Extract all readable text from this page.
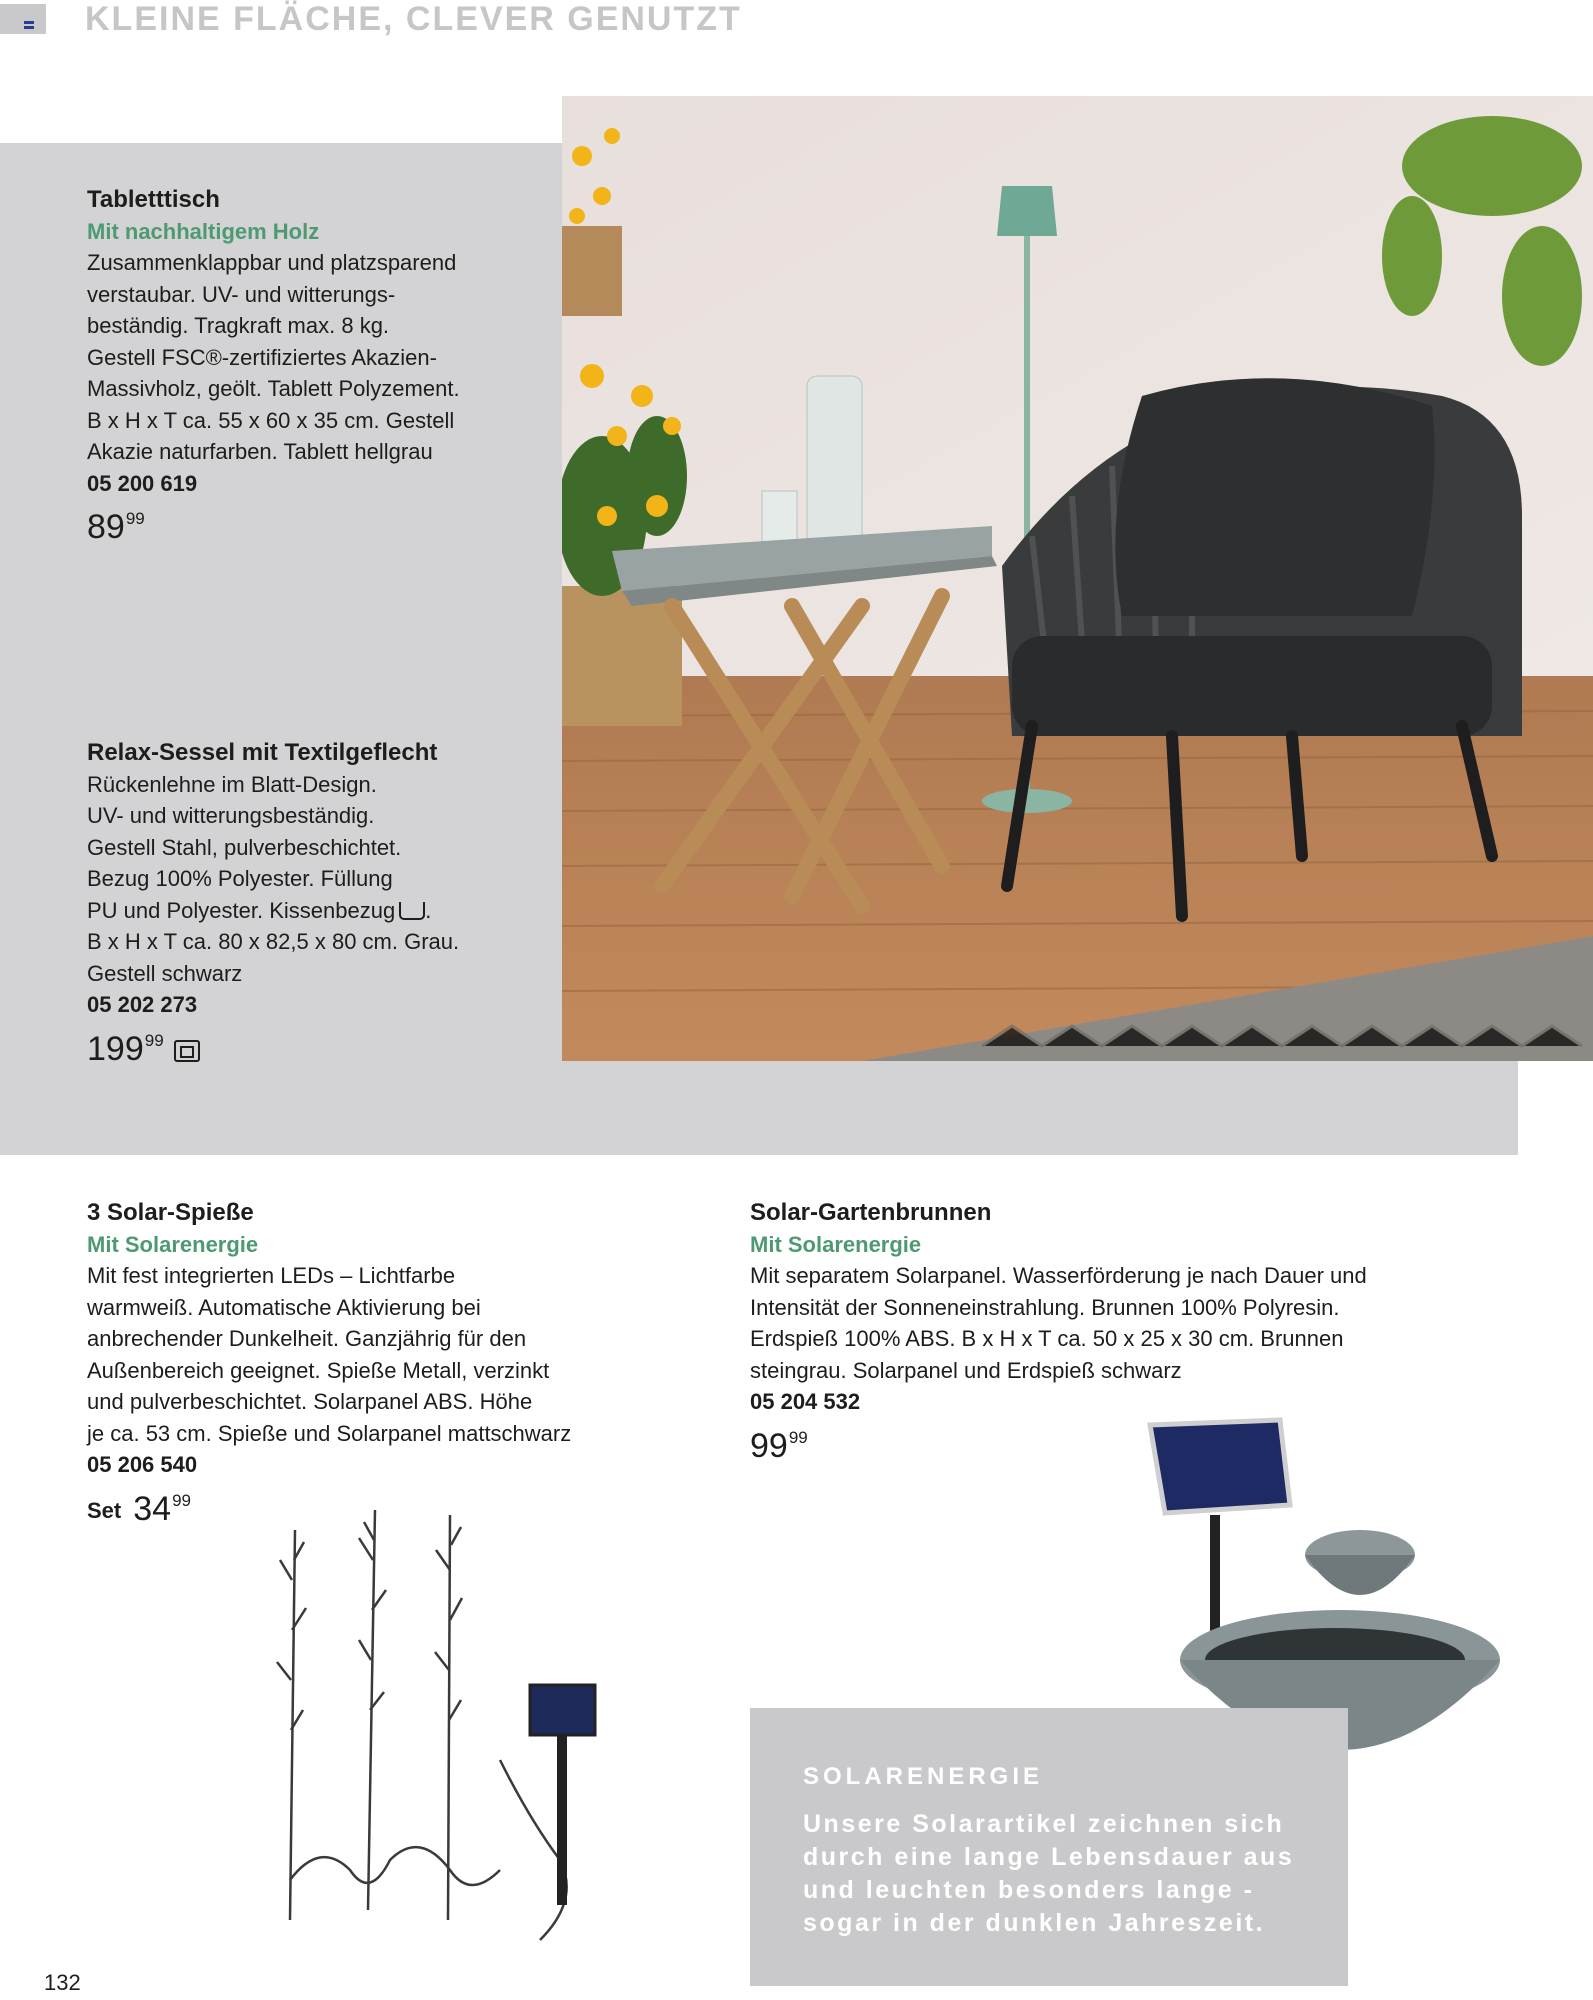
KLEINE FLÄCHE, CLEVER GENUTZT
Tabletttisch
Mit nachhaltigem Holz
Zusammenklappbar und platzsparend
verstaubar. UV- und witterungs-
beständig. Tragkraft max. 8 kg.
Gestell FSC®-zertifiziertes Akazien-
Massivholz, geölt. Tablett Polyzement.
B x H x T ca. 55 x 60 x 35 cm. Gestell
Akazie naturfarben. Tablett hellgrau
05 200 619
$89^{99}$
Relax-Sessel mit Textilgeflecht
Rückenlehne im Blatt-Design.
UV- und witterungsbeständig.
Gestell Stahl, pulverbeschichtet.
Bezug 100% Polyester. Füllung
PU und Polyester. Kissenbezug .
B x H x T ca. 80 x 82,5 x 80 cm. Grau.
Gestell schwarz
05 202 273
$199^{99}$
3 Solar-Spieße
Mit Solarenergie
Mit fest integrierten LEDs – Lichtfarbe
warmweiß. Automatische Aktivierung bei
anbrechender Dunkelheit. Ganzjährig für den
Außenbereich geeignet. Spieße Metall, verzinkt
und pulverbeschichtet. Solarpanel ABS. Höhe
je ca. 53 cm. Spieße und Solarpanel mattschwarz
05 206 540
Set $34^{99}$
Solar-Gartenbrunnen
Mit Solarenergie
Mit separatem Solarpanel. Wasserförderung je nach Dauer und
Intensität der Sonneneinstrahlung. Brunnen 100% Polyresin.
Erdspieß 100% ABS. B x H x T ca. 50 x 25 x 30 cm. Brunnen
steingrau. Solarpanel und Erdspieß schwarz
05 204 532
$99^{99}$
SOLARENERGIE
Unsere Solarartikel zeichnen sich
durch eine lange Lebensdauer aus
und leuchten besonders lange -
sogar in der dunklen Jahreszeit.
132
